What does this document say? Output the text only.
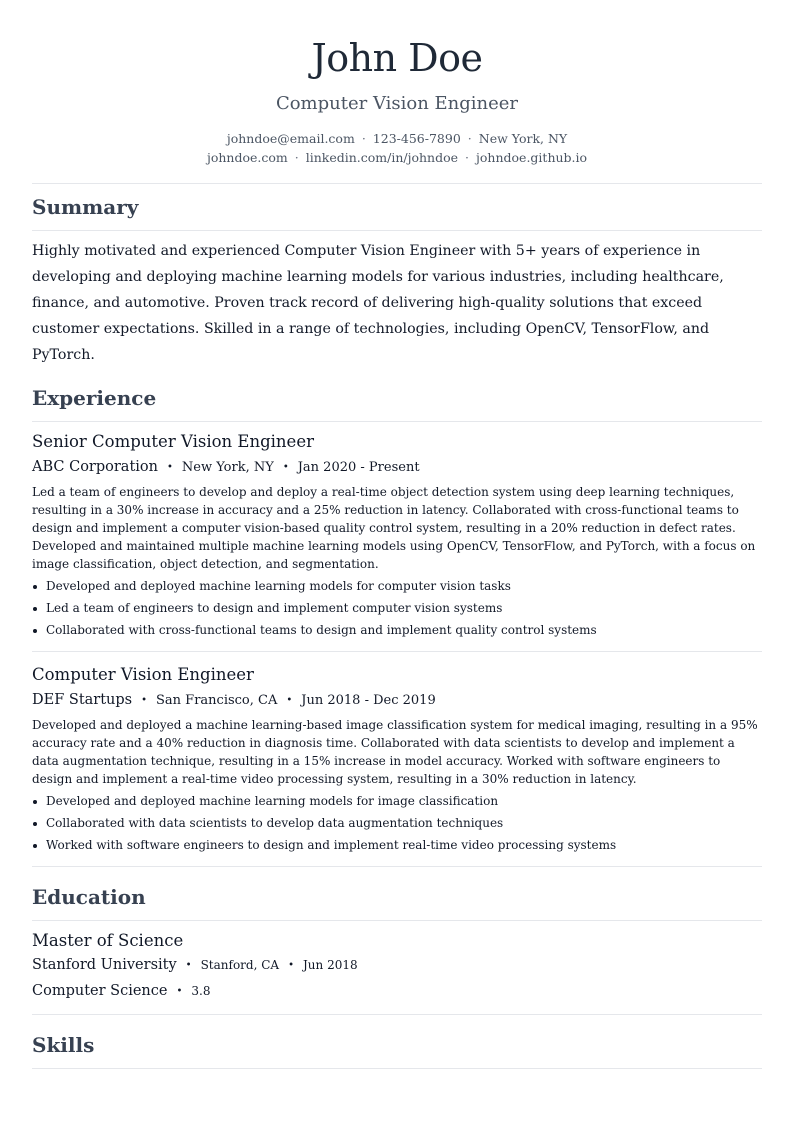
John Doe
Computer Vision Engineer
johndoe@email.com · 123-456-7890 · New York, NY
johndoe.com · linkedin.com/in/johndoe · johndoe.github.io
Summary

Highly motivated and experienced Computer Vision Engineer with 5+ years of experience in developing and deploying machine learning models for various industries, including healthcare, finance, and automotive. Proven track record of delivering high-quality solutions that exceed customer expectations. Skilled in a range of technologies, including OpenCV, TensorFlow, and PyTorch.

Experience
Senior Computer Vision Engineer
ABC Corporation • New York, NY • Jan 2020 - Present

Led a team of engineers to develop and deploy a real-time object detection system using deep learning techniques, resulting in a 30% increase in accuracy and a 25% reduction in latency. Collaborated with cross-functional teams to design and implement a computer vision-based quality control system, resulting in a 20% reduction in defect rates. Developed and maintained multiple machine learning models using OpenCV, TensorFlow, and PyTorch, with a focus on image classification, object detection, and segmentation.

Developed and deployed machine learning models for computer vision tasks
Led a team of engineers to design and implement computer vision systems
Collaborated with cross-functional teams to design and implement quality control systems
Computer Vision Engineer
DEF Startups • San Francisco, CA • Jun 2018 - Dec 2019

Developed and deployed a machine learning-based image classification system for medical imaging, resulting in a 95% accuracy rate and a 40% reduction in diagnosis time. Collaborated with data scientists to develop and implement a data augmentation technique, resulting in a 15% increase in model accuracy. Worked with software engineers to design and implement a real-time video processing system, resulting in a 30% reduction in latency.

Developed and deployed machine learning models for image classification
Collaborated with data scientists to develop data augmentation techniques
Worked with software engineers to design and implement real-time video processing systems
Education
Master of Science
Stanford University • Stanford, CA • Jun 2018
Computer Science • 3.8
Skills
